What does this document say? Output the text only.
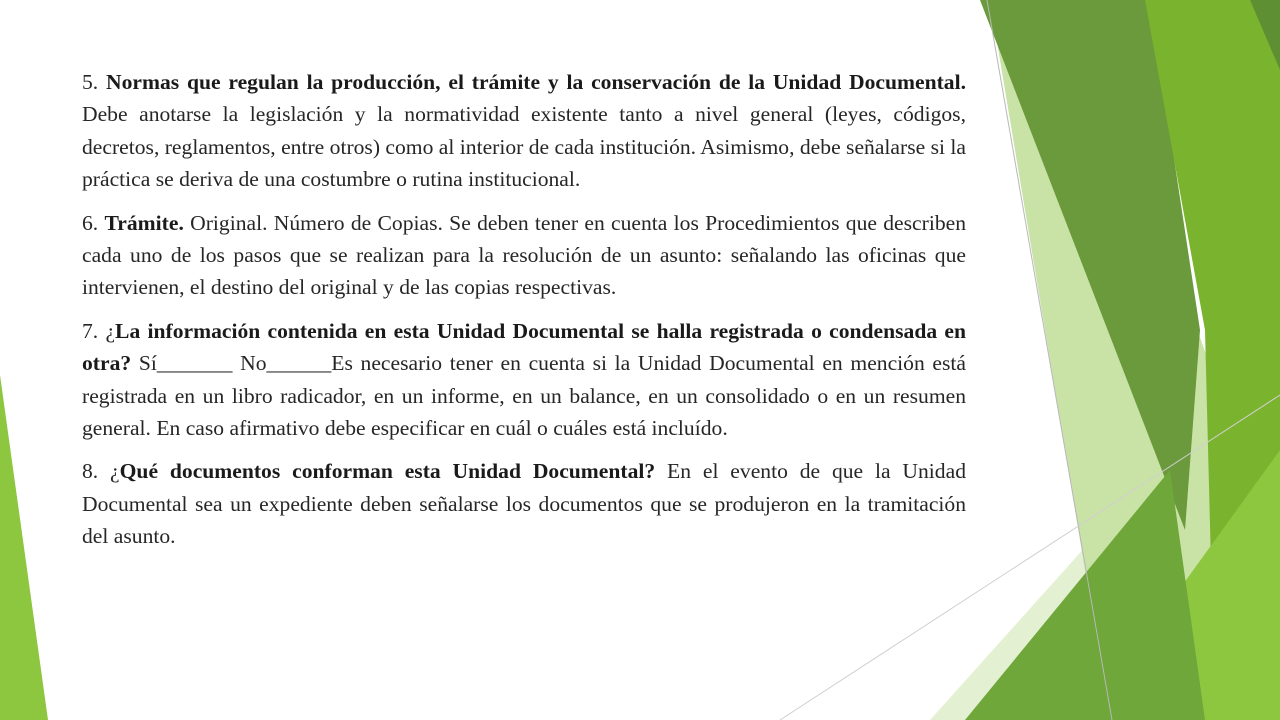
5. Normas que regulan la producción, el trámite y la conservación de la Unidad Documental. Debe anotarse la legislación y la normatividad existente tanto a nivel general (leyes, códigos, decretos, reglamentos, entre otros) como al interior de cada institución. Asimismo, debe señalarse si la práctica se deriva de una costumbre o rutina institucional.

6. Trámite. Original. Número de Copias. Se deben tener en cuenta los Procedimientos que describen cada uno de los pasos que se realizan para la resolución de un asunto: señalando las oficinas que intervienen, el destino del original y de las copias respectivas.

7. ¿La información contenida en esta Unidad Documental se halla registrada o condensada en otra? Sí_______ No______Es necesario tener en cuenta si la Unidad Documental en mención está registrada en un libro radicador, en un informe, en un balance, en un consolidado o en un resumen general. En caso afirmativo debe especificar en cuál o cuáles está incluído.

8. ¿Qué documentos conforman esta Unidad Documental? En el evento de que la Unidad Documental sea un expediente deben señalarse los documentos que se produjeron en la tramitación del asunto.
